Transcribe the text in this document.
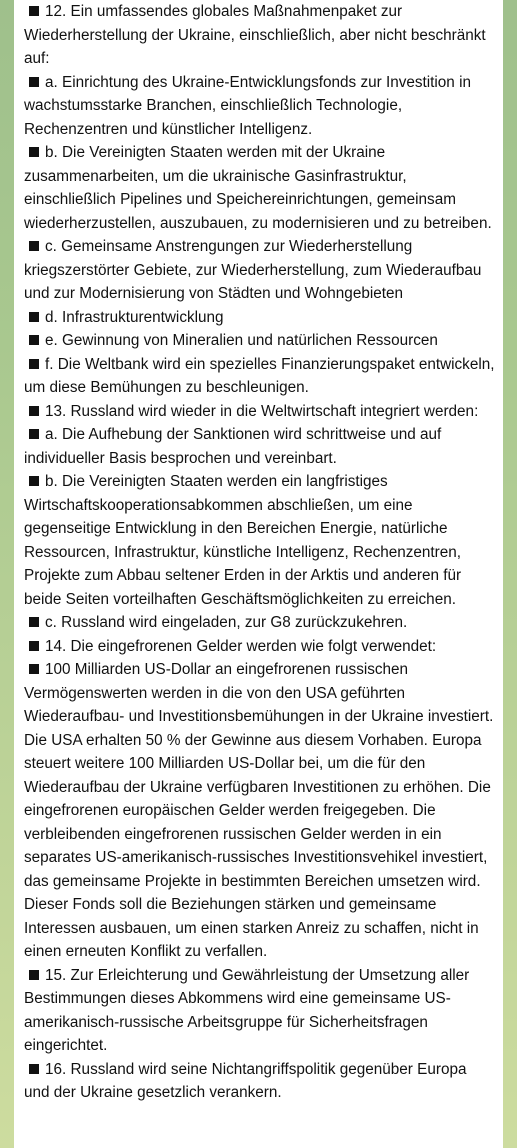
12. Ein umfassendes globales Maßnahmenpaket zur Wiederherstellung der Ukraine, einschließlich, aber nicht beschränkt auf:

a. Einrichtung des Ukraine-Entwicklungsfonds zur Investition in wachstumsstarke Branchen, einschließlich Technologie, Rechenzentren und künstlicher Intelligenz.

b. Die Vereinigten Staaten werden mit der Ukraine zusammenarbeiten, um die ukrainische Gasinfrastruktur, einschließlich Pipelines und Speichereinrichtungen, gemeinsam wiederherzustellen, auszubauen, zu modernisieren und zu betreiben.

c. Gemeinsame Anstrengungen zur Wiederherstellung kriegszerstörter Gebiete, zur Wiederherstellung, zum Wiederaufbau und zur Modernisierung von Städten und Wohngebieten

d. Infrastrukturentwicklung

e. Gewinnung von Mineralien und natürlichen Ressourcen

f. Die Weltbank wird ein spezielles Finanzierungspaket entwickeln, um diese Bemühungen zu beschleunigen.

13. Russland wird wieder in die Weltwirtschaft integriert werden:

a. Die Aufhebung der Sanktionen wird schrittweise und auf individueller Basis besprochen und vereinbart.

b. Die Vereinigten Staaten werden ein langfristiges Wirtschaftskooperationsabkommen abschließen, um eine gegenseitige Entwicklung in den Bereichen Energie, natürliche Ressourcen, Infrastruktur, künstliche Intelligenz, Rechenzentren, Projekte zum Abbau seltener Erden in der Arktis und anderen für beide Seiten vorteilhaften Geschäftsmöglichkeiten zu erreichen.

c. Russland wird eingeladen, zur G8 zurückzukehren.

14. Die eingefrorenen Gelder werden wie folgt verwendet:

100 Milliarden US-Dollar an eingefrorenen russischen Vermögenswerten werden in die von den USA geführten Wiederaufbau- und Investitionsbemühungen in der Ukraine investiert. Die USA erhalten 50 % der Gewinne aus diesem Vorhaben. Europa steuert weitere 100 Milliarden US-Dollar bei, um die für den Wiederaufbau der Ukraine verfügbaren Investitionen zu erhöhen. Die eingefrorenen europäischen Gelder werden freigegeben. Die verbleibenden eingefrorenen russischen Gelder werden in ein separates US-amerikanisch-russisches Investitionsvehikel investiert, das gemeinsame Projekte in bestimmten Bereichen umsetzen wird. Dieser Fonds soll die Beziehungen stärken und gemeinsame Interessen ausbauen, um einen starken Anreiz zu schaffen, nicht in einen erneuten Konflikt zu verfallen.

15. Zur Erleichterung und Gewährleistung der Umsetzung aller Bestimmungen dieses Abkommens wird eine gemeinsame US-amerikanisch-russische Arbeitsgruppe für Sicherheitsfragen eingerichtet.

16. Russland wird seine Nichtangriffspolitik gegenüber Europa und der Ukraine gesetzlich verankern.
